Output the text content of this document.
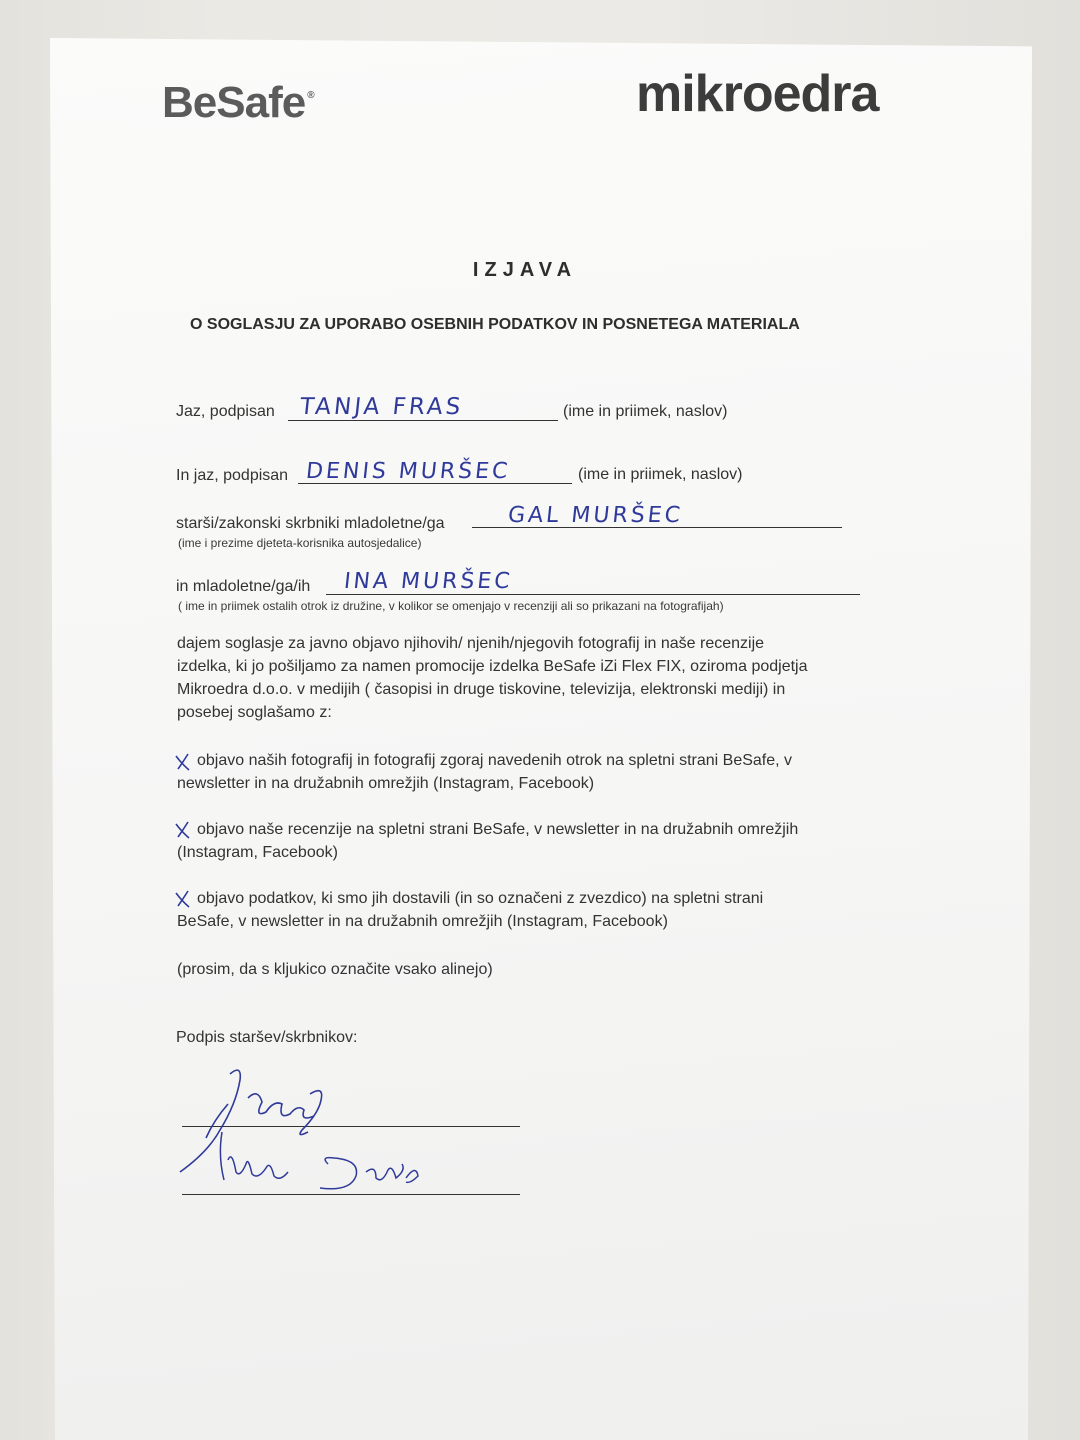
BeSafe ®	mikroedra
IZJAVA
O SOGLASJU ZA UPORABO OSEBNIH PODATKOV IN POSNETEGA MATERIALA
Jaz, podpisan TANJA FRAS	(ime in priimek, naslov)
In jaz, podpisan DENIS MURŠEC	(ime in priimek, naslov)
starši/zakonski skrbniki mladoletne/ga	GAL MURŠEC
(ime i prezime djeteta-korisnika autosjedalice)
in mladoletne/ga/ih INA MURŠEC
( ime in priimek ostalih otrok iz družine, v kolikor se omenjajo v recenziji ali so prikazani na fotografijah)
dajem soglasje za javno objavo njihovih/ njenih/njegovih fotografij in naše recenzije
izdelka, ki jo pošiljamo za namen promocije izdelka BeSafe iZi Flex FIX, oziroma podjetja
Mikroedra d.o.o. v medijih ( časopisi in druge tiskovine, televizija, elektronski mediji) in
posebej soglašamo z:
objavo naših fotografij in fotografij zgoraj navedenih otrok na spletni strani BeSafe, v
newsletter in na družabnih omrežjih (Instagram, Facebook)
objavo naše recenzije na spletni strani BeSafe, v newsletter in na družabnih omrežjih
(Instagram, Facebook)
objavo podatkov, ki smo jih dostavili (in so označeni z zvezdico) na spletni strani
BeSafe, v newsletter in na družabnih omrežjih (Instagram, Facebook)
(prosim, da s kljukico označite vsako alinejo)
Podpis staršev/skrbnikov:
